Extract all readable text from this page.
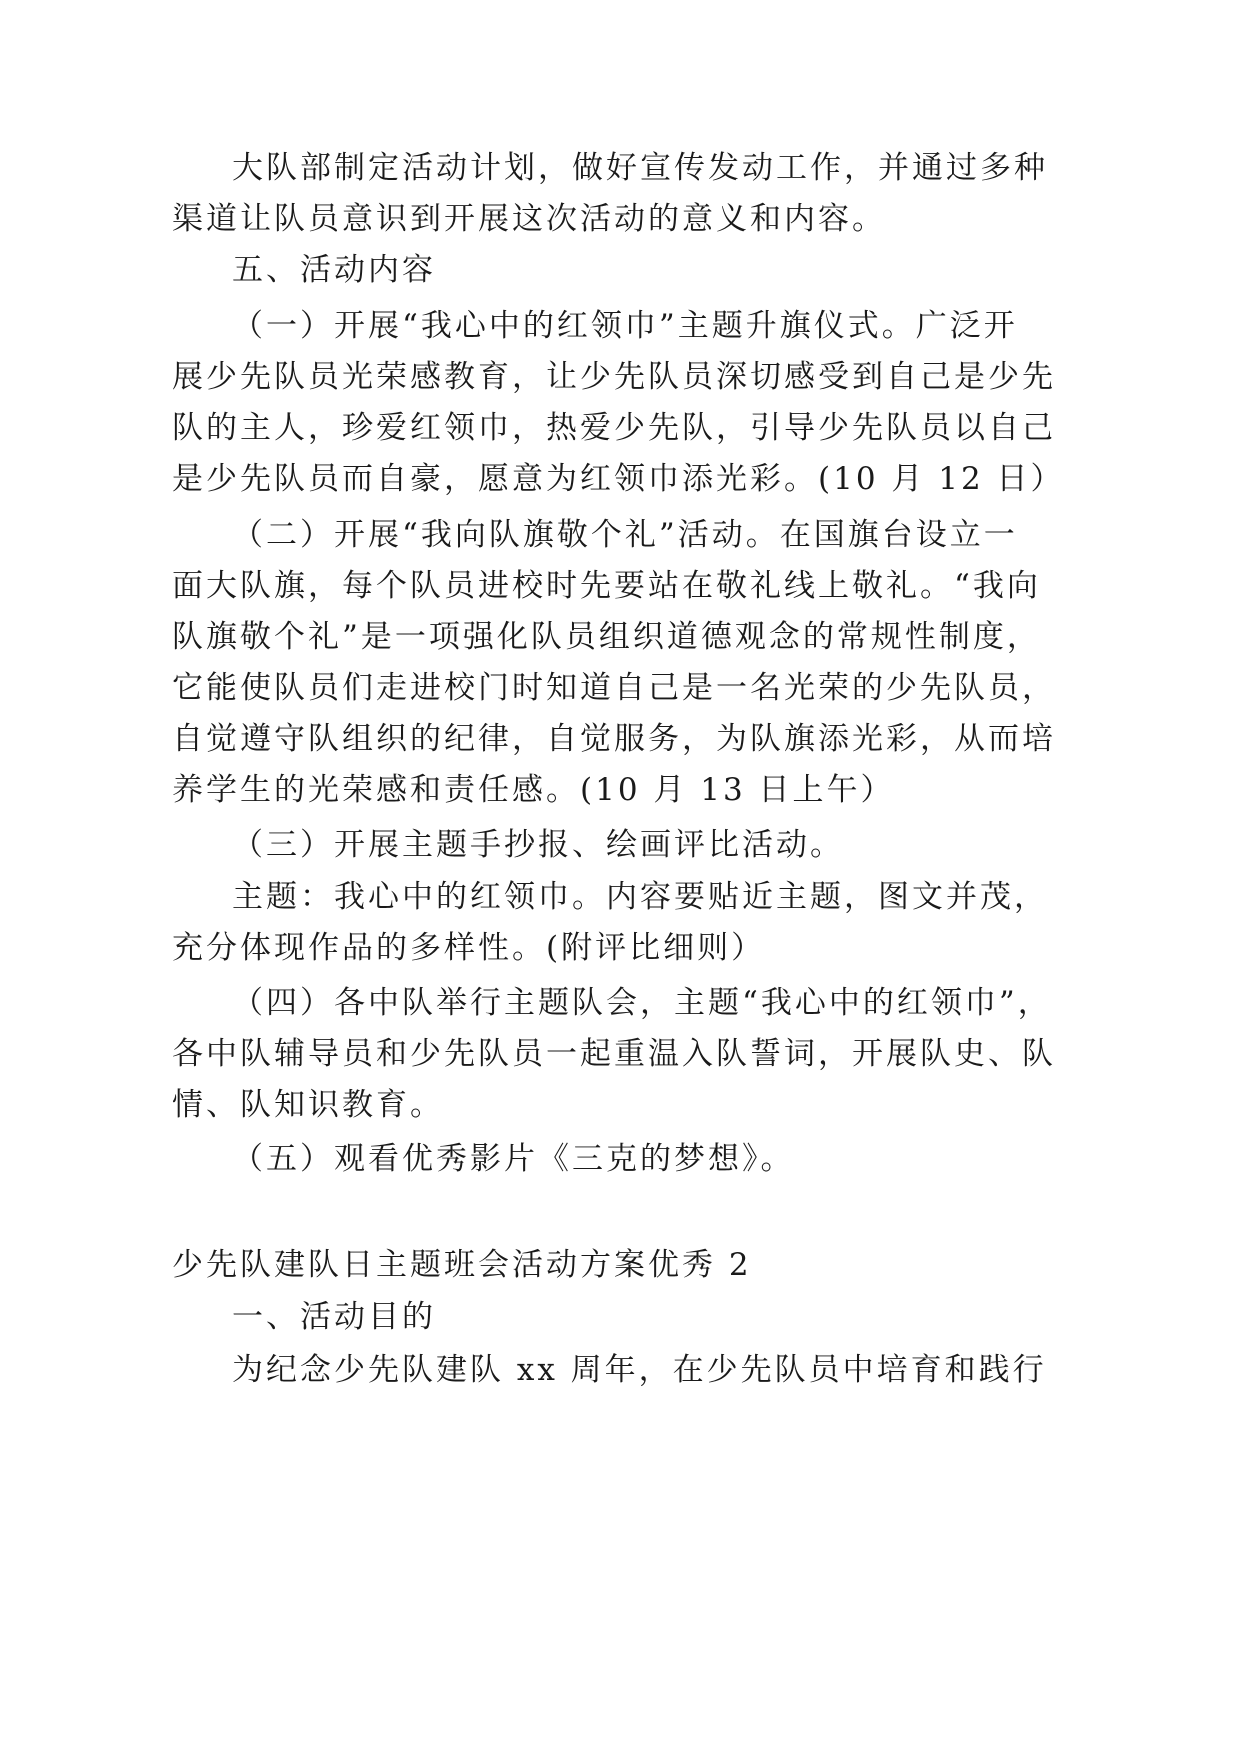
大队部制定活动计划，做好宣传发动工作，并通过多种
渠道让队员意识到开展这次活动的意义和内容。
五、活动内容
（一）开展“我心中的红领巾”主题升旗仪式。广泛开
展少先队员光荣感教育，让少先队员深切感受到自己是少先
队的主人，珍爱红领巾，热爱少先队，引导少先队员以自己
是少先队员而自豪，愿意为红领巾添光彩。(10 月 12 日）
（二）开展“我向队旗敬个礼”活动。在国旗台设立一
面大队旗，每个队员进校时先要站在敬礼线上敬礼。“我向
队旗敬个礼”是一项强化队员组织道德观念的常规性制度，
它能使队员们走进校门时知道自己是一名光荣的少先队员，
自觉遵守队组织的纪律，自觉服务，为队旗添光彩，从而培
养学生的光荣感和责任感。(10 月 13 日上午）
（三）开展主题手抄报、绘画评比活动。
主题：我心中的红领巾。内容要贴近主题，图文并茂，
充分体现作品的多样性。(附评比细则）
（四）各中队举行主题队会，主题“我心中的红领巾”，
各中队辅导员和少先队员一起重温入队誓词，开展队史、队
情、队知识教育。
（五）观看优秀影片《三克的梦想》。
少先队建队日主题班会活动方案优秀 2
一、活动目的
为纪念少先队建队 xx 周年，在少先队员中培育和践行
